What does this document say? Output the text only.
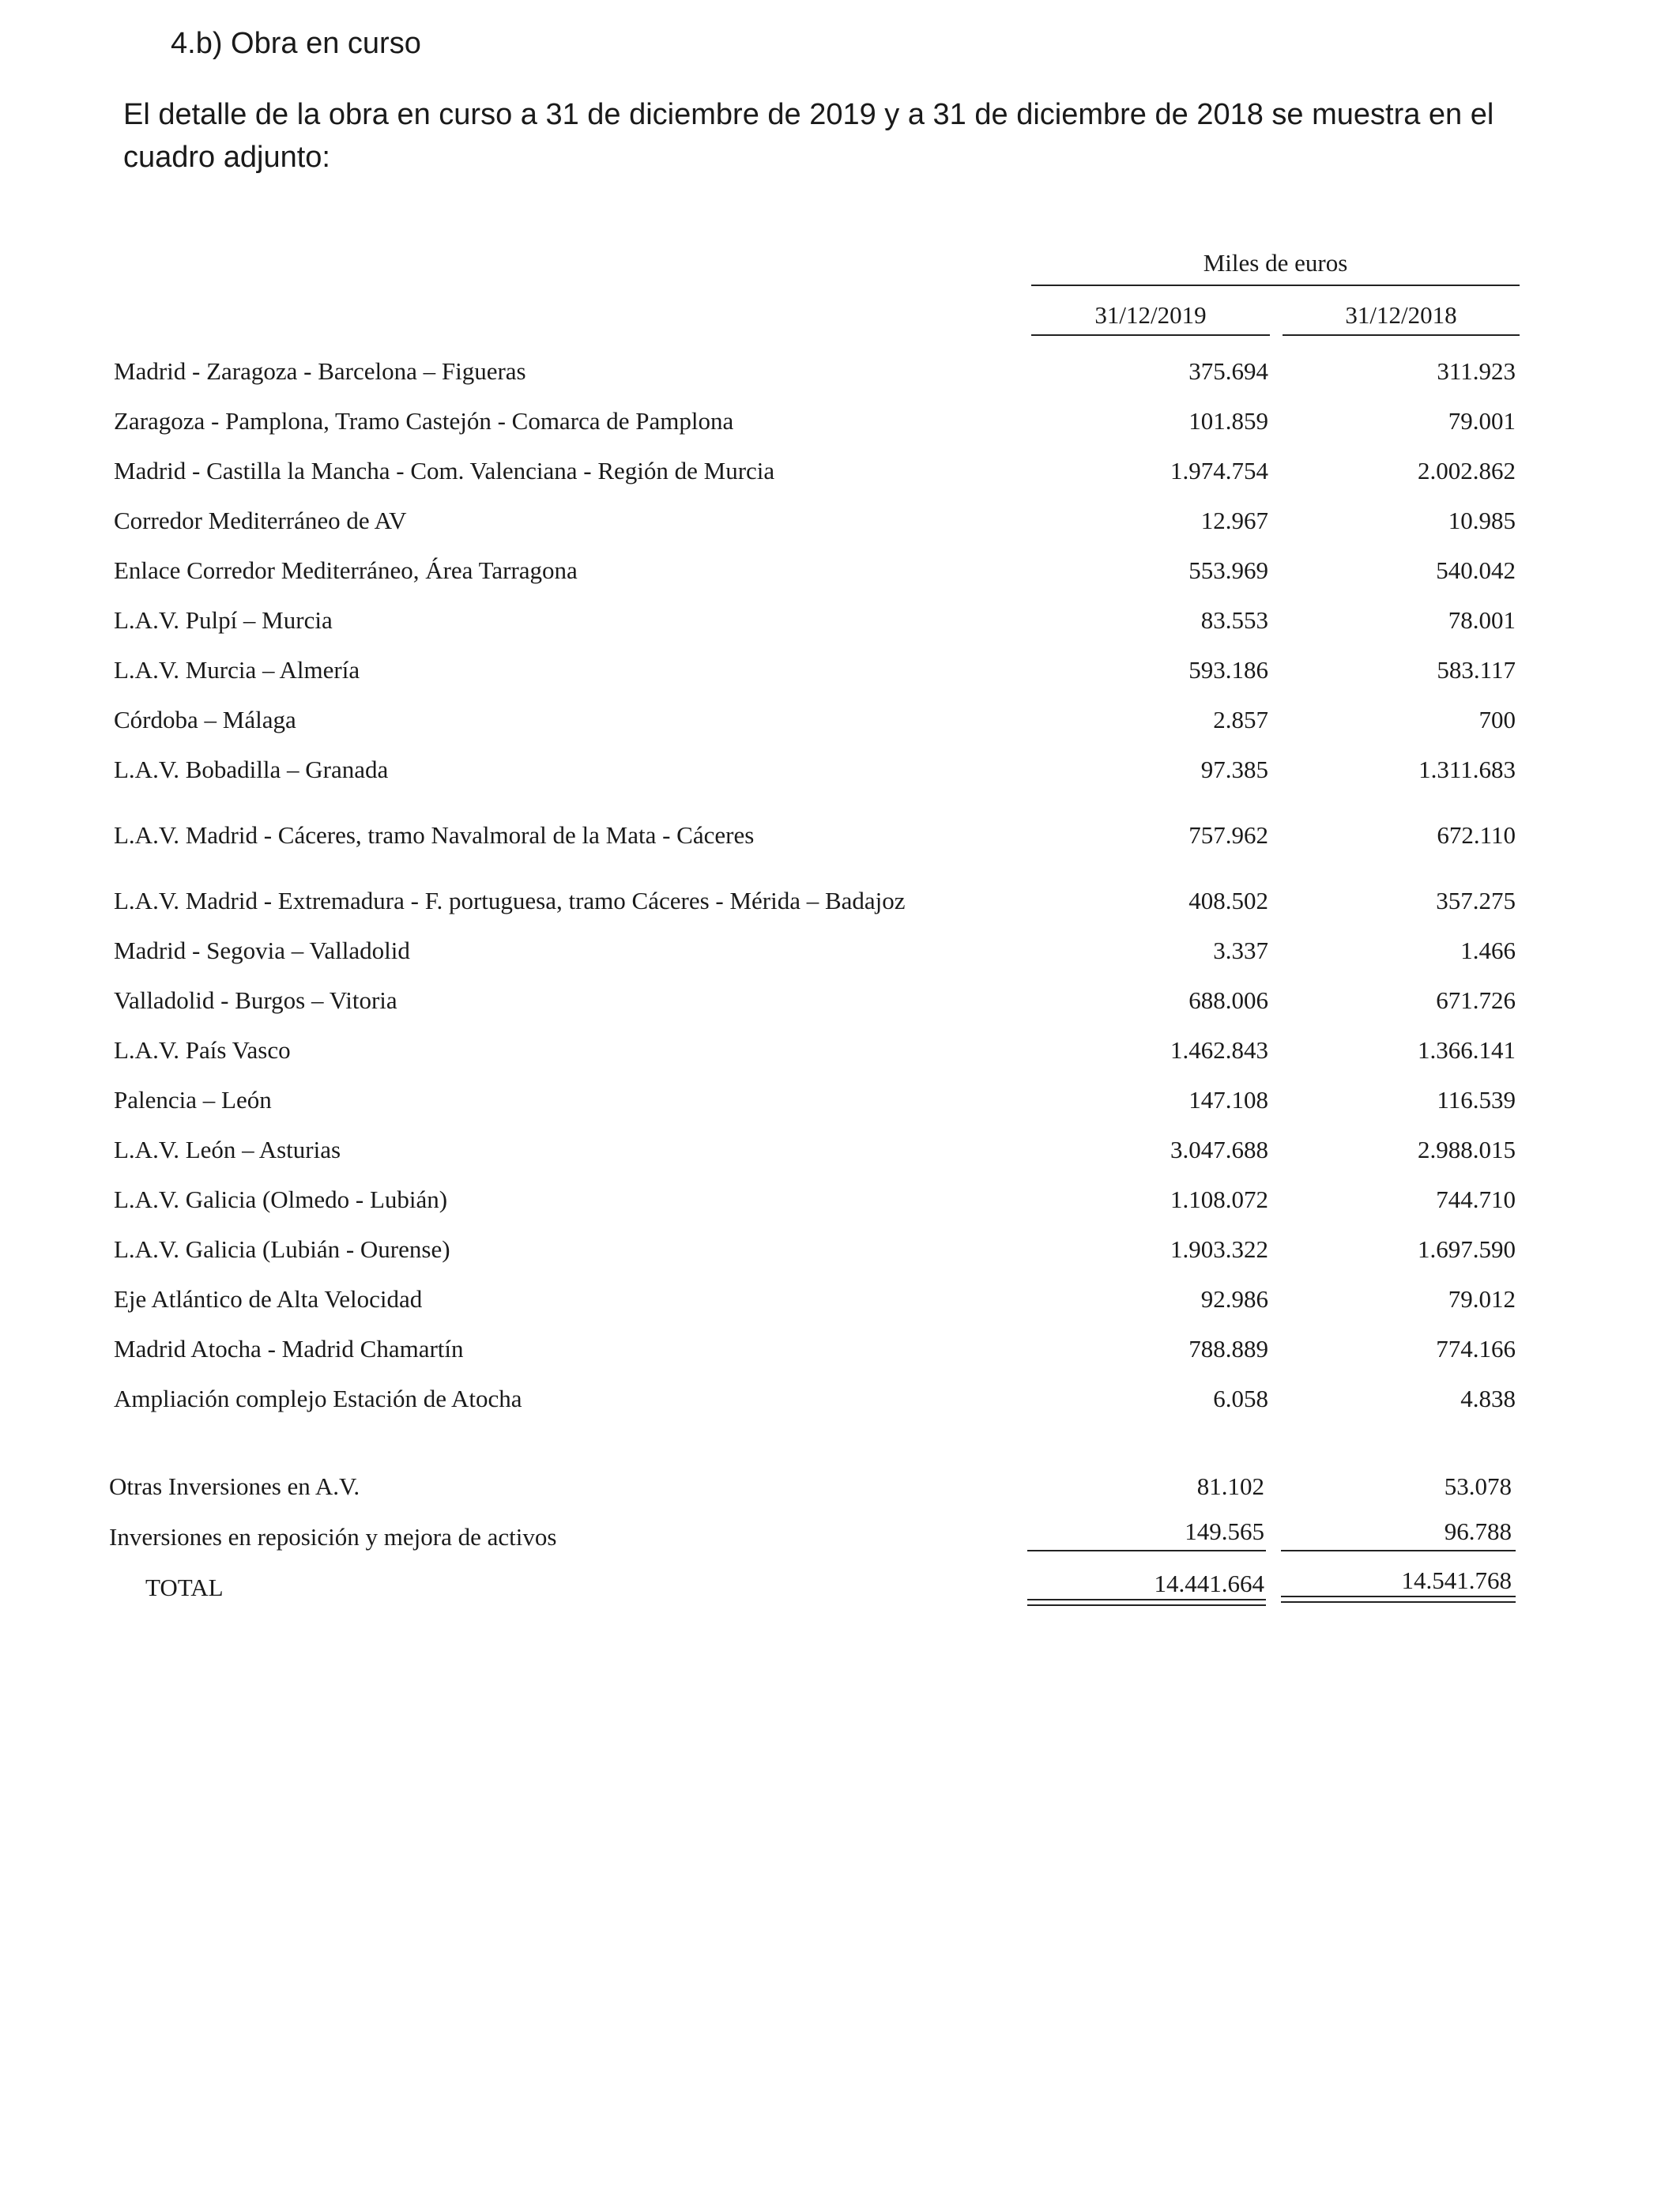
4.b) Obra en curso
El detalle de la obra en curso a 31 de diciembre de 2019 y a 31 de diciembre de 2018 se muestra en el cuadro adjunto:
Miles de euros
31/12/2019	31/12/2018
Madrid - Zaragoza - Barcelona – Figueras	375.694	311.923
Zaragoza - Pamplona, Tramo Castejón - Comarca de Pamplona	101.859	79.001
Madrid - Castilla la Mancha - Com. Valenciana - Región de Murcia	1.974.754	2.002.862
Corredor Mediterráneo de AV	12.967	10.985
Enlace Corredor Mediterráneo, Área Tarragona	553.969	540.042
L.A.V. Pulpí – Murcia	83.553	78.001
L.A.V. Murcia – Almería	593.186	583.117
Córdoba – Málaga	2.857	700
L.A.V. Bobadilla – Granada	97.385	1.311.683
L.A.V. Madrid - Cáceres, tramo Navalmoral de la Mata - Cáceres	757.962	672.110
L.A.V. Madrid - Extremadura - F. portuguesa, tramo Cáceres - Mérida – Badajoz	408.502	357.275
Madrid - Segovia – Valladolid	3.337	1.466
Valladolid - Burgos – Vitoria	688.006	671.726
L.A.V. País Vasco	1.462.843	1.366.141
Palencia – León	147.108	116.539
L.A.V. León – Asturias	3.047.688	2.988.015
L.A.V. Galicia (Olmedo - Lubián)	1.108.072	744.710
L.A.V. Galicia (Lubián - Ourense)	1.903.322	1.697.590
Eje Atlántico de Alta Velocidad	92.986	79.012
Madrid Atocha - Madrid Chamartín	788.889	774.166
Ampliación complejo Estación de Atocha	6.058	4.838
Otras Inversiones en A.V.	81.102	53.078
Inversiones en reposición y mejora de activos	149.565	96.788
TOTAL	14.441.664	14.541.768
